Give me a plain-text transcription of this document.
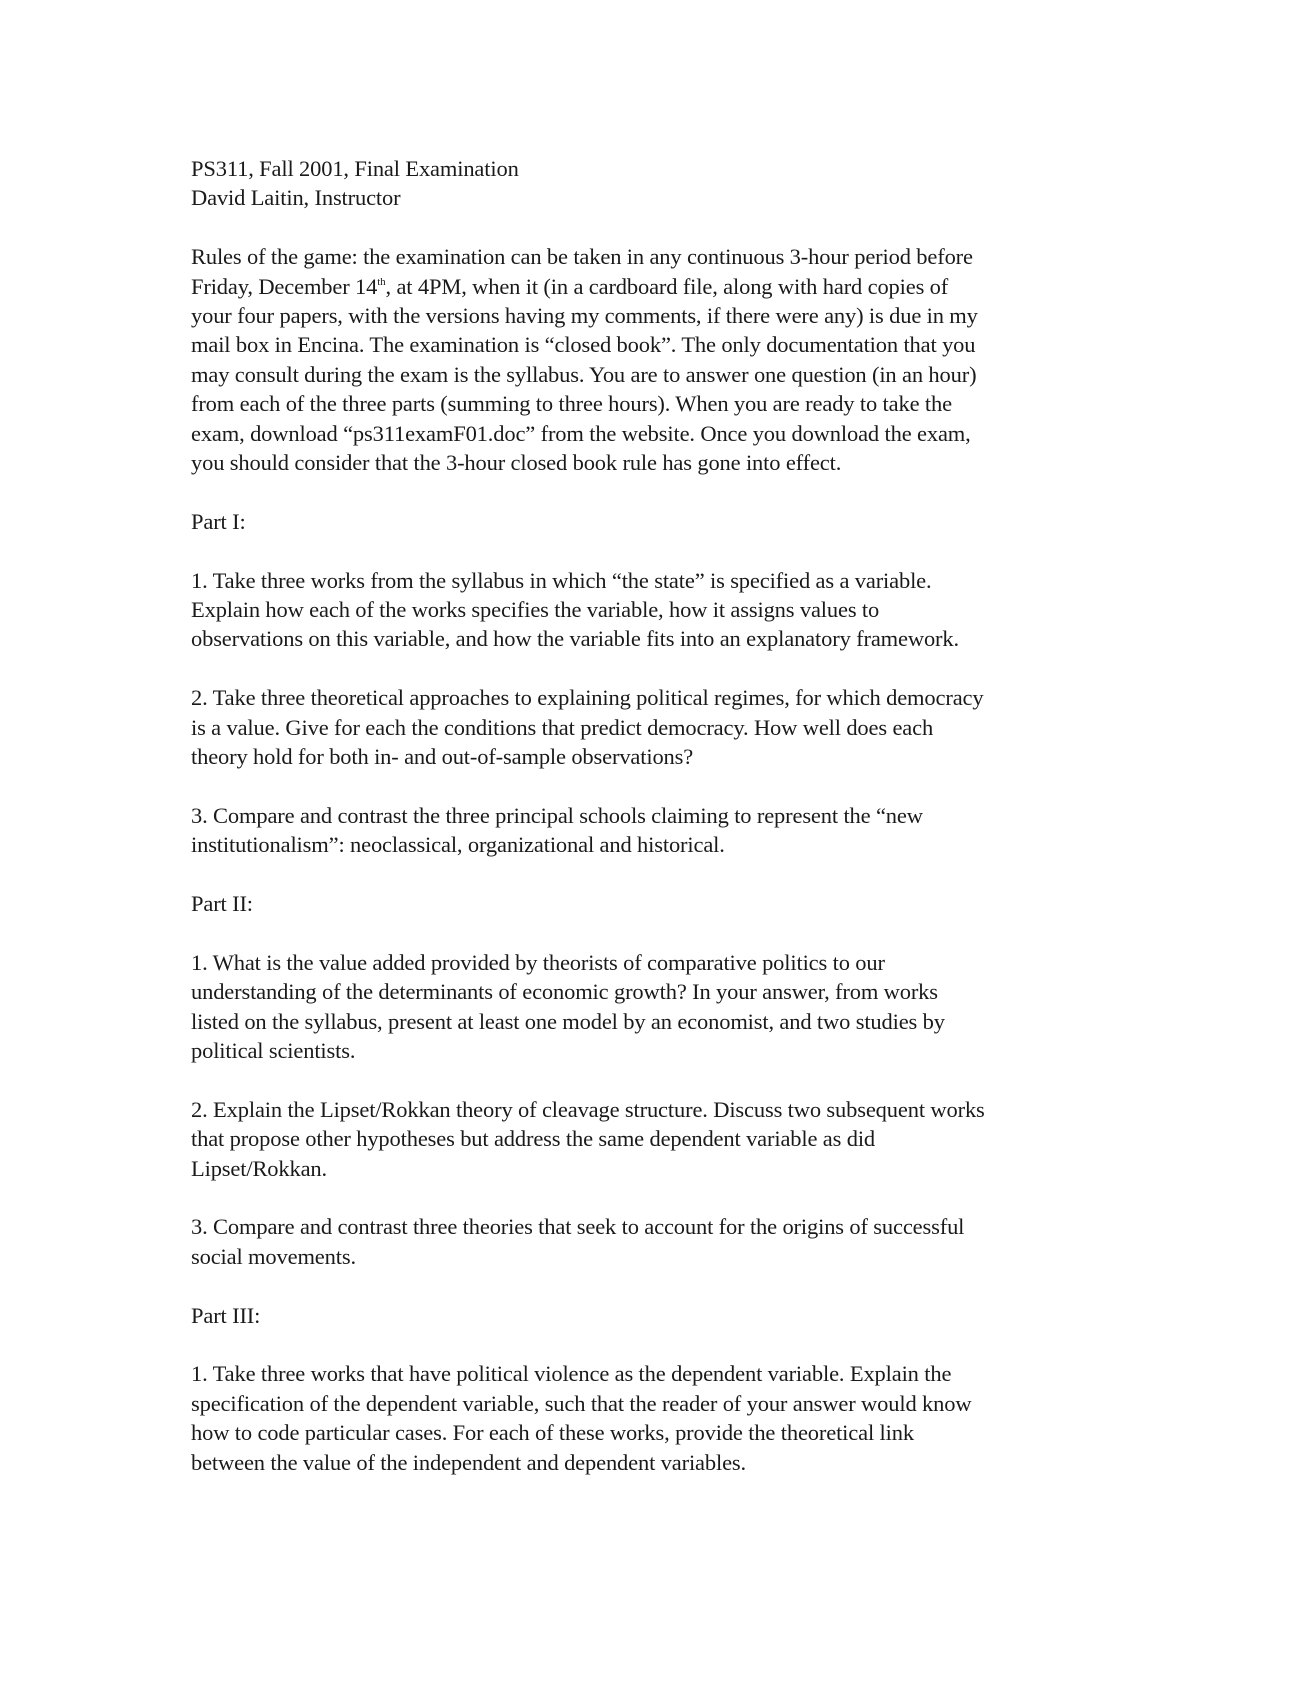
PS311, Fall 2001, Final Examination
David Laitin, Instructor
Rules of the game: the examination can be taken in any continuous 3-hour period before
Friday, December 14th, at 4PM, when it (in a cardboard file, along with hard copies of
your four papers, with the versions having my comments, if there were any) is due in my
mail box in Encina. The examination is “closed book”. The only documentation that you
may consult during the exam is the syllabus. You are to answer one question (in an hour)
from each of the three parts (summing to three hours). When you are ready to take the
exam, download “ps311examF01.doc” from the website. Once you download the exam,
you should consider that the 3-hour closed book rule has gone into effect.
Part I:
1. Take three works from the syllabus in which “the state” is specified as a variable.
Explain how each of the works specifies the variable, how it assigns values to
observations on this variable, and how the variable fits into an explanatory framework.
2. Take three theoretical approaches to explaining political regimes, for which democracy
is a value. Give for each the conditions that predict democracy. How well does each
theory hold for both in- and out-of-sample observations?
3. Compare and contrast the three principal schools claiming to represent the “new
institutionalism”: neoclassical, organizational and historical.
Part II:
1. What is the value added provided by theorists of comparative politics to our
understanding of the determinants of economic growth? In your answer, from works
listed on the syllabus, present at least one model by an economist, and two studies by
political scientists.
2. Explain the Lipset/Rokkan theory of cleavage structure. Discuss two subsequent works
that propose other hypotheses but address the same dependent variable as did
Lipset/Rokkan.
3. Compare and contrast three theories that seek to account for the origins of successful
social movements.
Part III:
1. Take three works that have political violence as the dependent variable. Explain the
specification of the dependent variable, such that the reader of your answer would know
how to code particular cases. For each of these works, provide the theoretical link
between the value of the independent and dependent variables.
